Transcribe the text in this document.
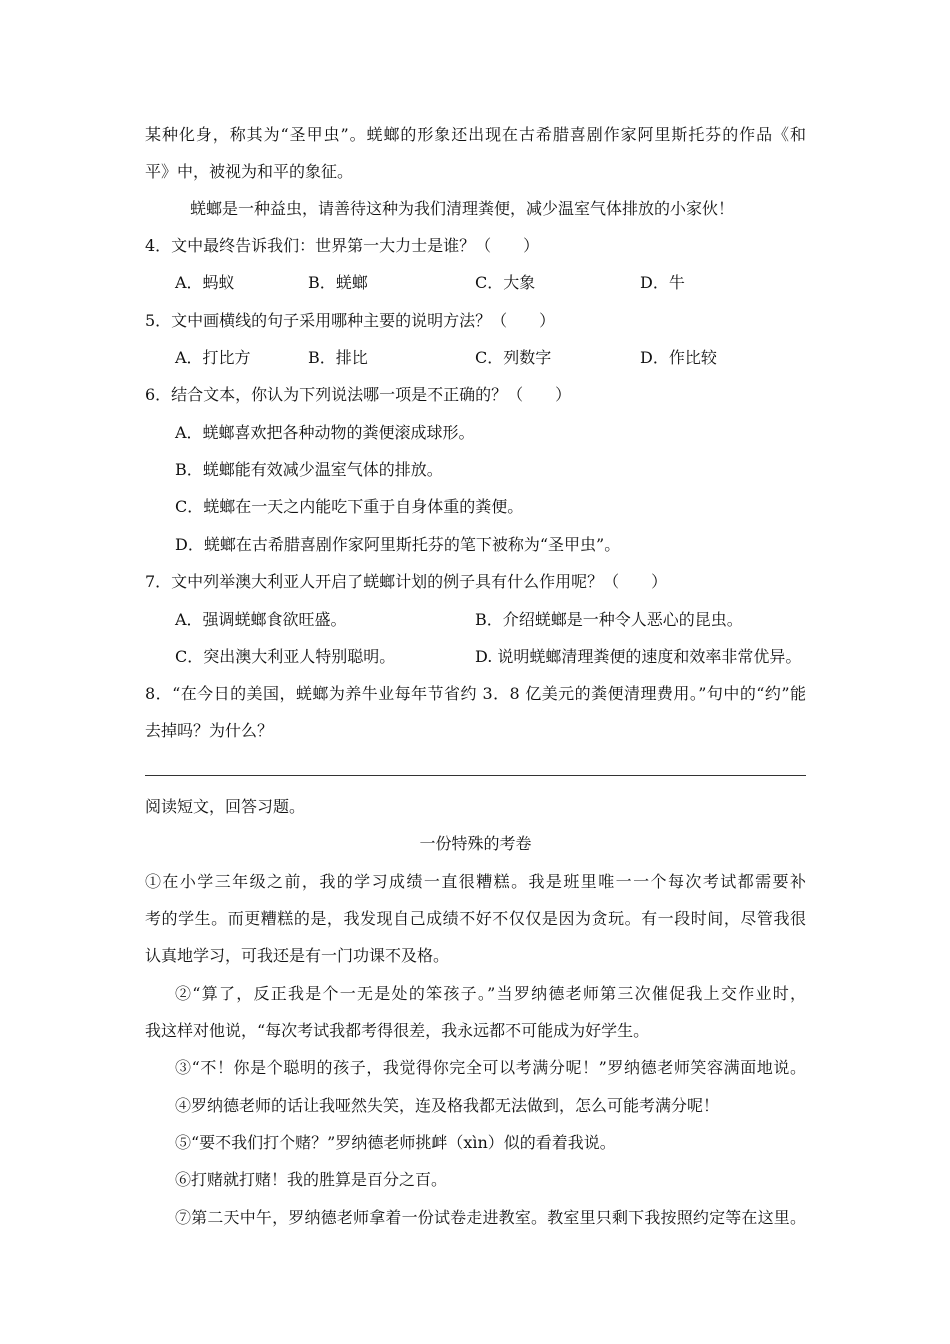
某种化身，称其为“圣甲虫”。蜣螂的形象还出现在古希腊喜剧作家阿里斯托芬的作品《和
平》中，被视为和平的象征。
蜣螂是一种益虫，请善待这种为我们清理粪便，减少温室气体排放的小家伙！
4．文中最终告诉我们：世界第一大力士是谁？（　　）
A．蚂蚁	B．蜣螂	C．大象	D．牛
5．文中画横线的句子采用哪种主要的说明方法？（　　）
A．打比方	B．排比	C．列数字	D．作比较
6．结合文本，你认为下列说法哪一项是不正确的？（　　）
A．蜣螂喜欢把各种动物的粪便滚成球形。
B．蜣螂能有效减少温室气体的排放。
C．蜣螂在一天之内能吃下重于自身体重的粪便。
D．蜣螂在古希腊喜剧作家阿里斯托芬的笔下被称为“圣甲虫”。
7．文中列举澳大利亚人开启了蜣螂计划的例子具有什么作用呢？（　　）
A．强调蜣螂食欲旺盛。	B．介绍蜣螂是一种令人恶心的昆虫。
C．突出澳大利亚人特别聪明。	D. 说明蜣螂清理粪便的速度和效率非常优异。
8．“在今日的美国，蜣螂为养牛业每年节省约 3．8 亿美元的粪便清理费用。”句中的“约”能
去掉吗？为什么？
阅读短文，回答习题。
一份特殊的考卷
①在小学三年级之前，我的学习成绩一直很糟糕。我是班里唯一一个每次考试都需要补
考的学生。而更糟糕的是，我发现自己成绩不好不仅仅是因为贪玩。有一段时间，尽管我很
认真地学习，可我还是有一门功课不及格。
②“算了，反正我是个一无是处的笨孩子。”当罗纳德老师第三次催促我上交作业时，
我这样对他说，“每次考试我都考得很差，我永远都不可能成为好学生。
③“不！你是个聪明的孩子，我觉得你完全可以考满分呢！”罗纳德老师笑容满面地说。
④罗纳德老师的话让我哑然失笑，连及格我都无法做到，怎么可能考满分呢！
⑤“要不我们打个赌？”罗纳德老师挑衅（xìn）似的看着我说。
⑥打赌就打赌！我的胜算是百分之百。
⑦第二天中午，罗纳德老师拿着一份试卷走进教室。教室里只剩下我按照约定等在这里。
